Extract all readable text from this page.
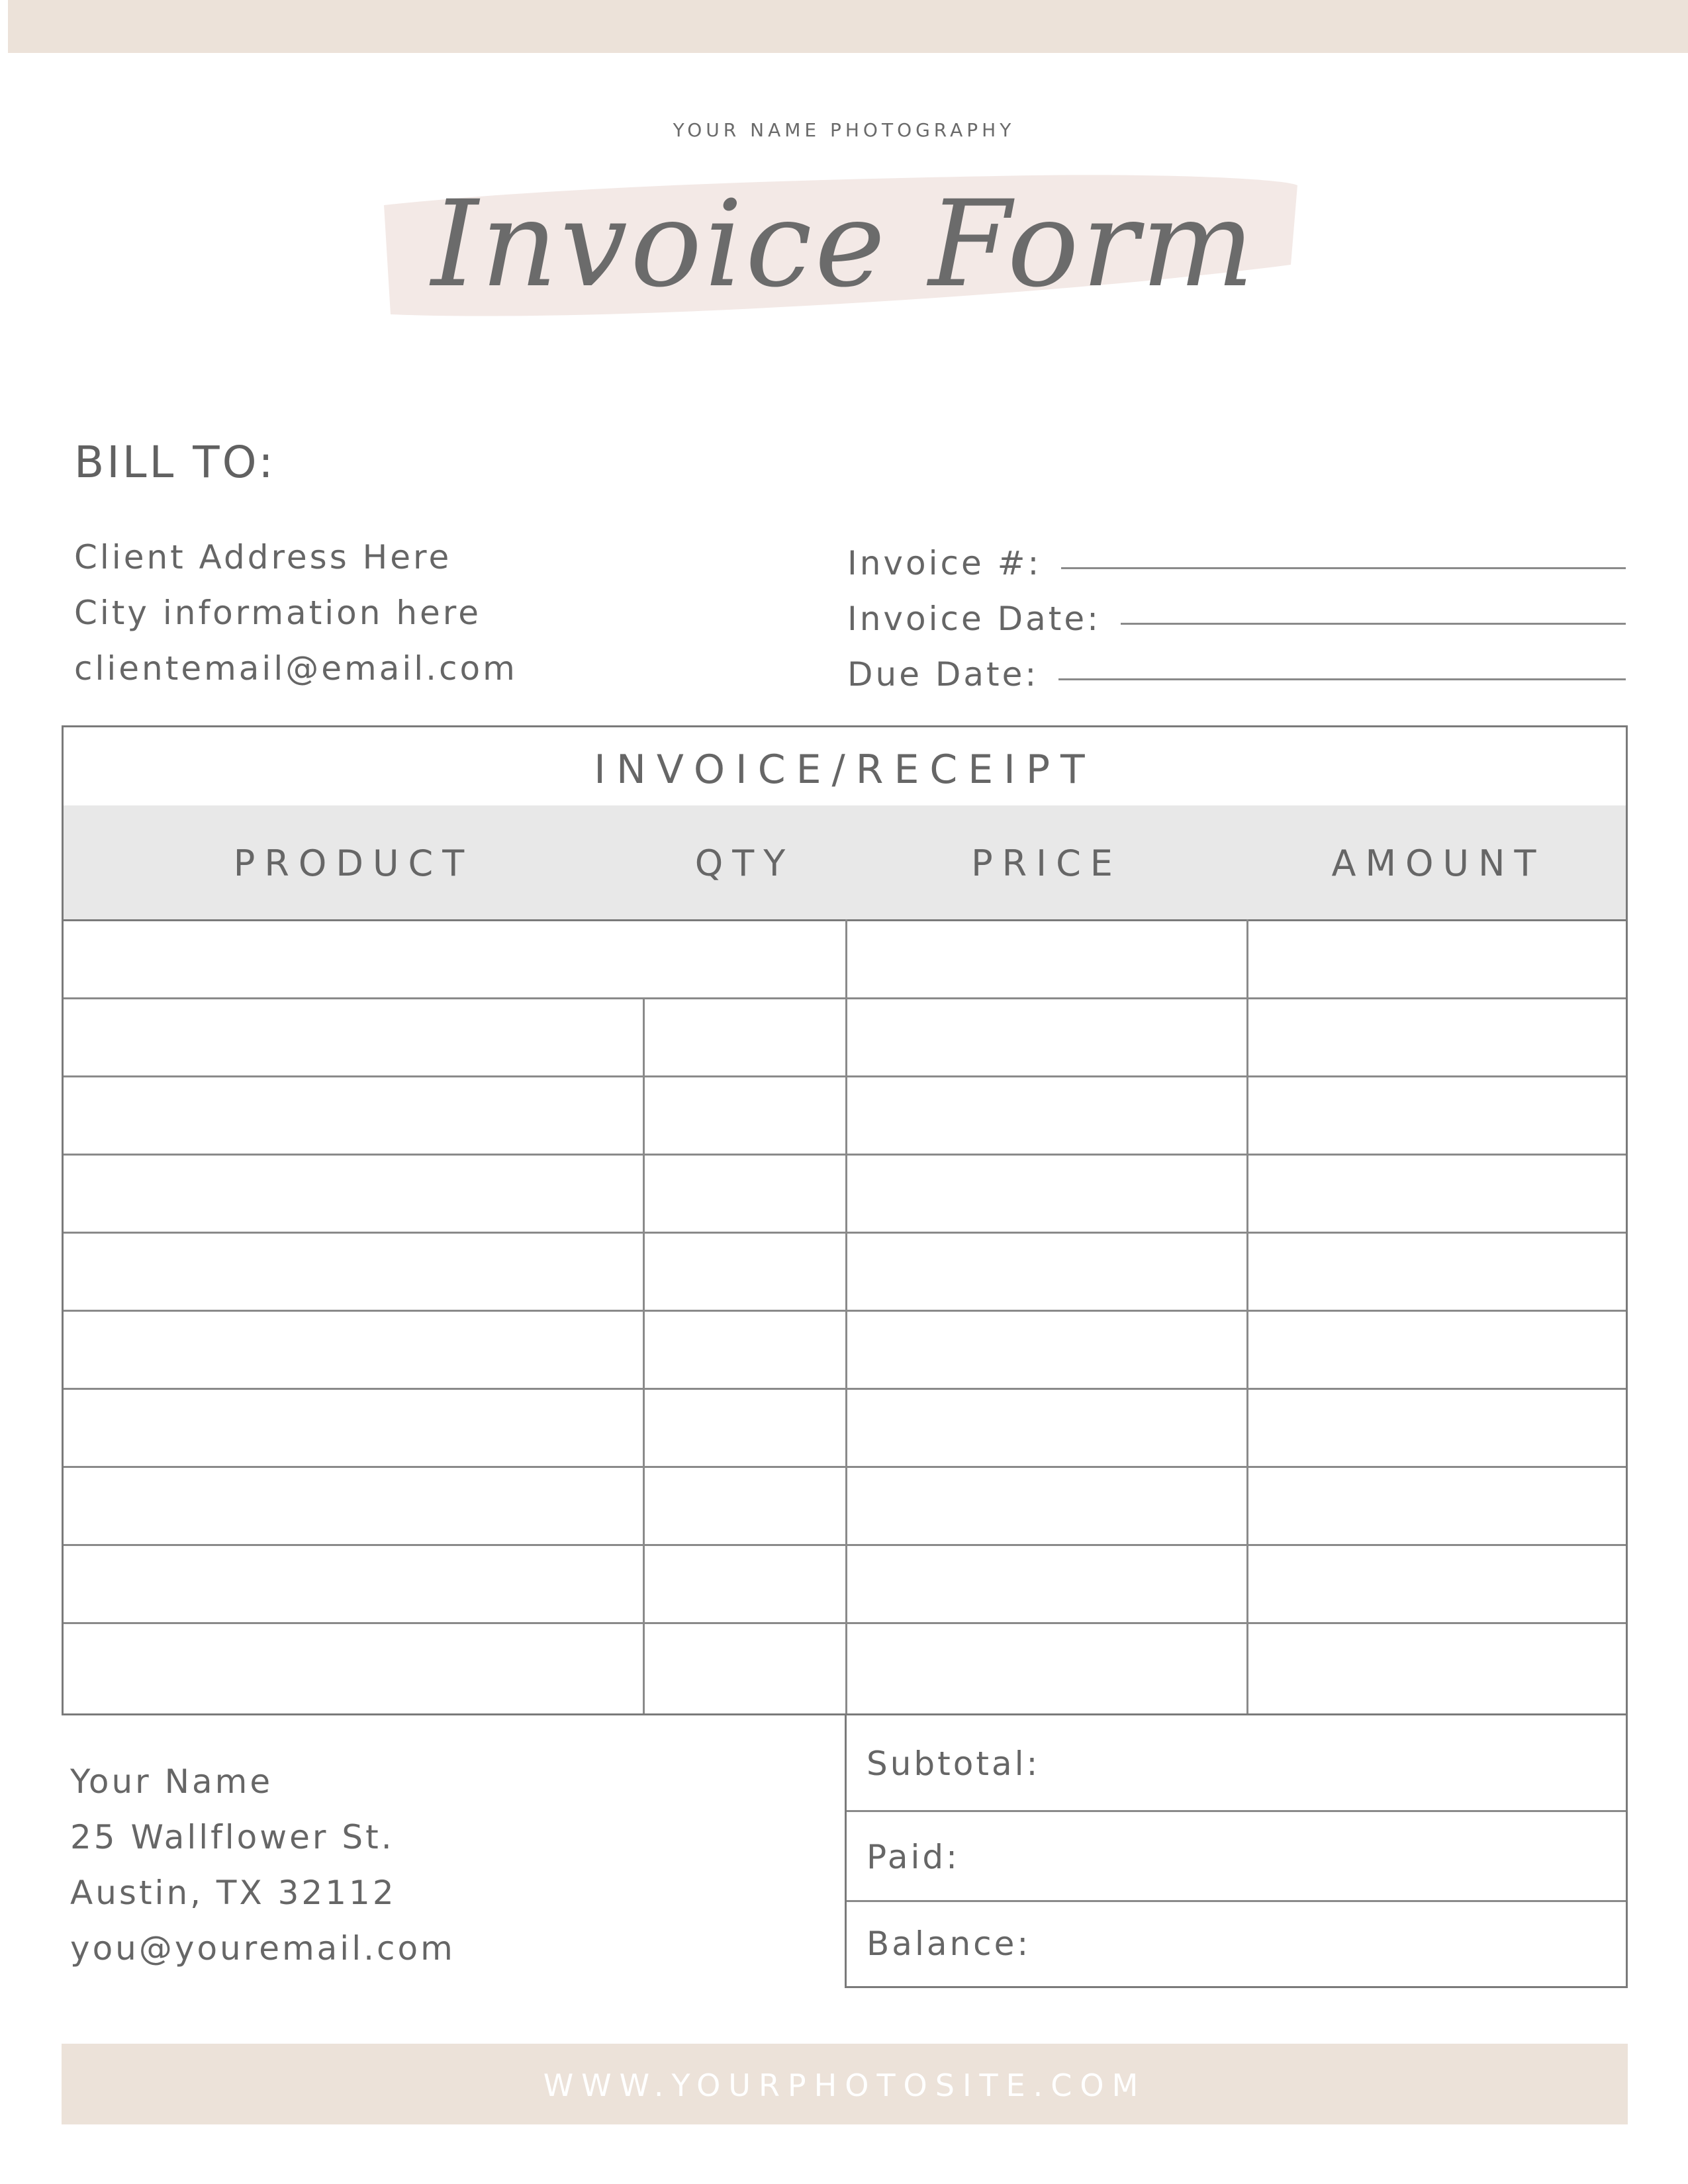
YOUR NAME PHOTOGRAPHY
Invoice Form
BILL TO:
Client Address Here
City information here
clientemail@email.com
Invoice #:
Invoice Date:
Due Date:
INVOICE/RECEIPT
PRODUCT	QTY	PRICE	AMOUNT
Your Name
25 Wallflower St.
Austin, TX 32112
you@youremail.com
Subtotal:
Paid:
Balance:
WWW.YOURPHOTOSITE.COM
